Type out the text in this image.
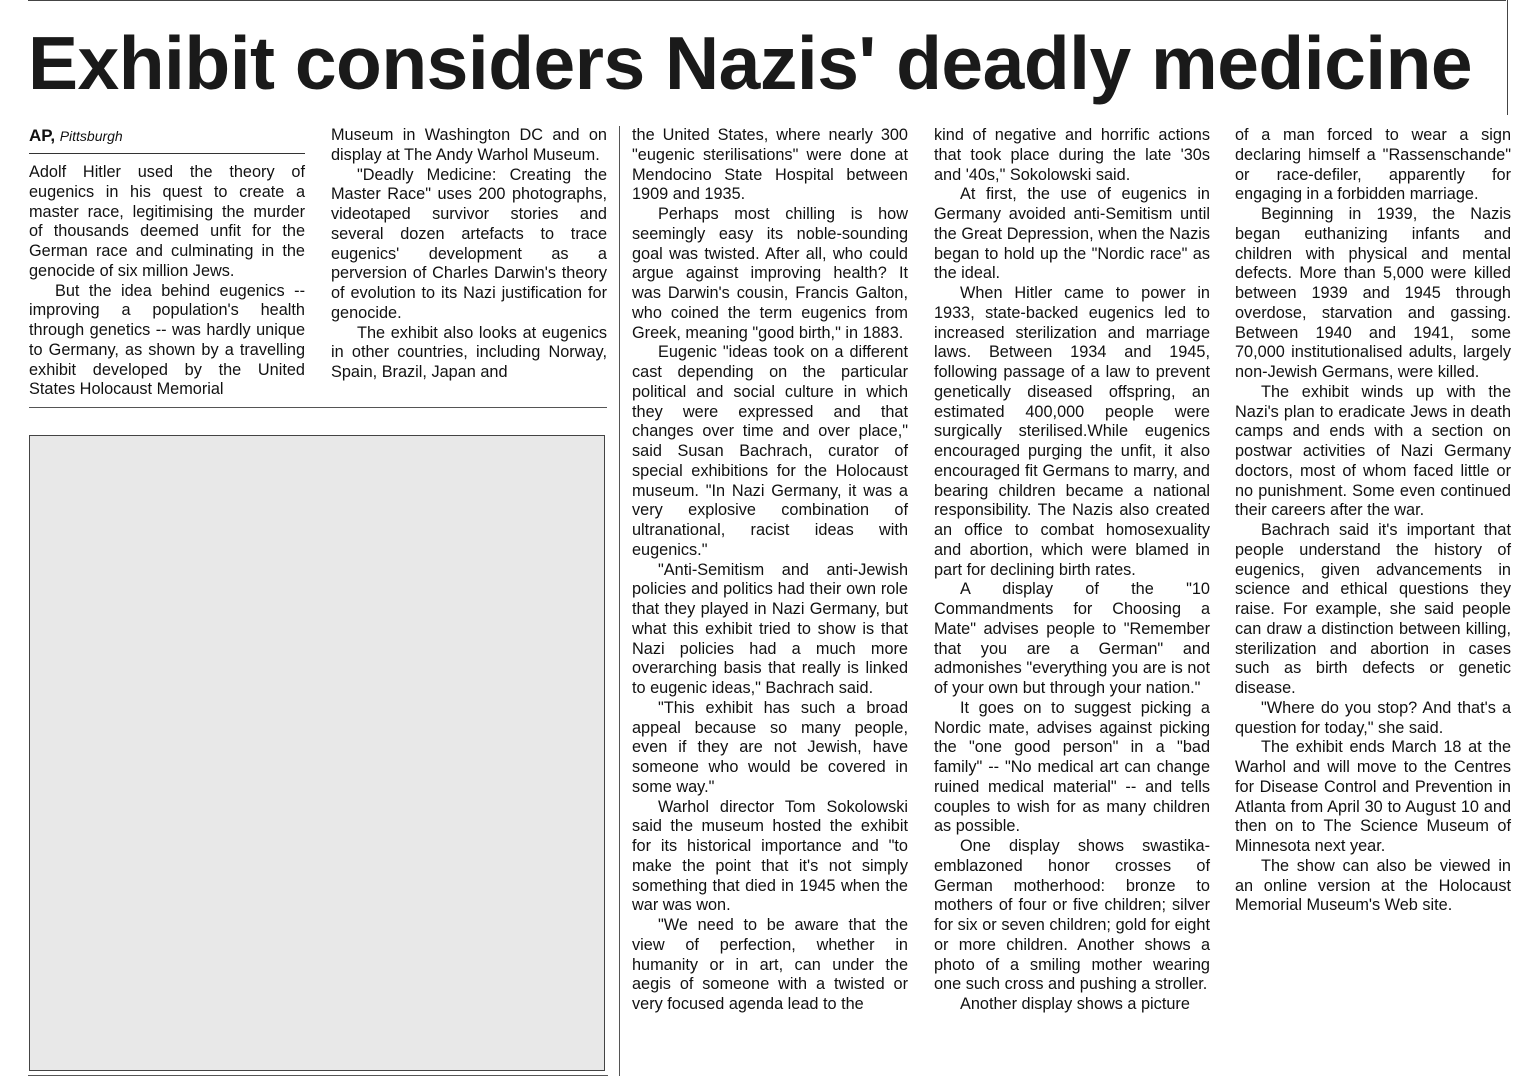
Exhibit considers Nazis' deadly medicine
AP, Pittsburgh

Adolf Hitler used the theory of eugenics in his quest to create a master race, legitimising the murder of thousands deemed unfit for the German race and culminating in the genocide of six million Jews.

But the idea behind eugenics -- improving a population's health through genetics -- was hardly unique to Germany, as shown by a travelling exhibit developed by the United States Holocaust Memorial

Museum in Washington DC and on display at The Andy Warhol Museum.

"Deadly Medicine: Creating the Master Race" uses 200 photographs, videotaped survivor stories and several dozen artefacts to trace eugenics' development as a perversion of Charles Darwin's theory of evolution to its Nazi justification for genocide.

The exhibit also looks at eugenics in other countries, including Norway, Spain, Brazil, Japan and

the United States, where nearly 300 "eugenic sterilisations" were done at Mendocino State Hospital between 1909 and 1935.

Perhaps most chilling is how seemingly easy its noble-sounding goal was twisted. After all, who could argue against improving health? It was Darwin's cousin, Francis Galton, who coined the term eugenics from Greek, meaning "good birth," in 1883.

Eugenic "ideas took on a different cast depending on the particular political and social culture in which they were expressed and that changes over time and over place," said Susan Bachrach, curator of special exhibitions for the Holocaust museum. "In Nazi Germany, it was a very explosive combination of ultranational, racist ideas with eugenics."

"Anti-Semitism and anti-Jewish policies and politics had their own role that they played in Nazi Germany, but what this exhibit tried to show is that Nazi policies had a much more overarching basis that really is linked to eugenic ideas," Bachrach said.

"This exhibit has such a broad appeal because so many people, even if they are not Jewish, have someone who would be covered in some way."

Warhol director Tom Sokolowski said the museum hosted the exhibit for its historical importance and "to make the point that it's not simply something that died in 1945 when the war was won.

"We need to be aware that the view of perfection, whether in humanity or in art, can under the aegis of someone with a twisted or very focused agenda lead to the

kind of negative and horrific actions that took place during the late '30s and '40s," Sokolowski said.

At first, the use of eugenics in Germany avoided anti-Semitism until the Great Depression, when the Nazis began to hold up the "Nordic race" as the ideal.

When Hitler came to power in 1933, state-backed eugenics led to increased sterilization and marriage laws. Between 1934 and 1945, following passage of a law to prevent genetically diseased offspring, an estimated 400,000 people were surgically sterilised.While eugenics encouraged purging the unfit, it also encouraged fit Germans to marry, and bearing children became a national responsibility. The Nazis also created an office to combat homosexuality and abortion, which were blamed in part for declining birth rates.

A display of the "10 Commandments for Choosing a Mate" advises people to "Remember that you are a German" and admonishes "everything you are is not of your own but through your nation."

It goes on to suggest picking a Nordic mate, advises against picking the "one good person" in a "bad family" -- "No medical art can change ruined medical material" -- and tells couples to wish for as many children as possible.

One display shows swastika-emblazoned honor crosses of German motherhood: bronze to mothers of four or five children; silver for six or seven children; gold for eight or more children. Another shows a photo of a smiling mother wearing one such cross and pushing a stroller.

Another display shows a picture

of a man forced to wear a sign declaring himself a "Rassenschande" or race-defiler, apparently for engaging in a forbidden marriage.

Beginning in 1939, the Nazis began euthanizing infants and children with physical and mental defects. More than 5,000 were killed between 1939 and 1945 through overdose, starvation and gassing. Between 1940 and 1941, some 70,000 institutionalised adults, largely non-Jewish Germans, were killed.

The exhibit winds up with the Nazi's plan to eradicate Jews in death camps and ends with a section on postwar activities of Nazi Germany doctors, most of whom faced little or no punishment. Some even continued their careers after the war.

Bachrach said it's important that people understand the history of eugenics, given advancements in science and ethical questions they raise. For example, she said people can draw a distinction between killing, sterilization and abortion in cases such as birth defects or genetic disease.

"Where do you stop? And that's a question for today," she said.

The exhibit ends March 18 at the Warhol and will move to the Centres for Disease Control and Prevention in Atlanta from April 30 to August 10 and then on to The Science Museum of Minnesota next year.

The show can also be viewed in an online version at the Holocaust Memorial Museum's Web site.
